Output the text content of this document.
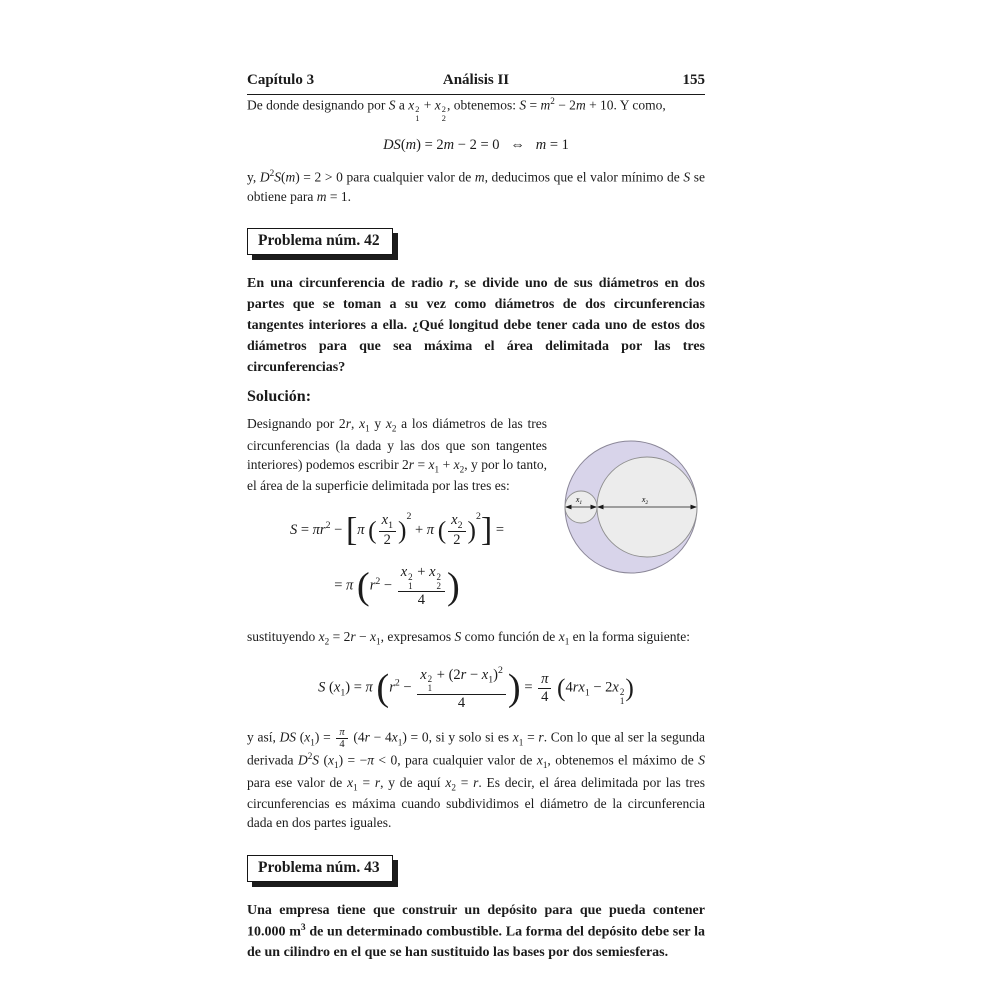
Capítulo 3	Análisis II	155

De donde designando por S a x 2
1
+ x 2
2
, obtenemos: $S = m^2 - 2m + 10$. Y como,

DS(m) = 2m − 2 = 0   ⇔   m = 1

y, $D^2S(m) = 2 > 0$ para cualquier valor de m, deducimos que el valor mínimo de S se obtiene para m = 1.

Problema núm. 42

En una circunferencia de radio r, se divide uno de sus diámetros en dos partes que se toman a su vez como diámetros de dos circunferencias tangentes interiores a ella. ¿Qué longitud debe tener cada uno de estos dos diámetros para que sea máxima el área delimitada por las tres circunferencias?

Solución:

Designando por 2r, $x_1$ y $x_2$ a los diámetros de las tres circunferencias (la dada y las dos que son tangentes interiores) podemos escribir $2r = x_1 + x_2$, y por lo tanto, el área de la superficie delimitada por las tres es:

$S = \pi r^2 - [\pi$ ( $\frac{x_1}{2} )^2 + \pi$ ( $\frac{x_2}{2} )^2$] =
= π ($r^2 - x$ 2
1
+ x 2
2
4 )
$x_1$	$x_2$

sustituyendo $x_2 = 2r - x_1$, expresamos S como función de $x_1$ en la forma siguiente:

S $(x_1) = \pi$ ($r^2 - x$ 2
1
+ $(2r - x_1)^2$
4 ) = $\frac{\pi}{4} (4rx_1 - 2x$ 2
1 )

y así, DS $(x_1) = \frac{\pi}{4} (4r - 4x_1) = 0$, si y solo si es $x_1 = r$. Con lo que al ser la segunda derivada $D^2S$ $(x_1) = -\pi < 0$, para cualquier valor de $x_1$, obtenemos el máximo de S para ese valor de $x_1 = r$, y de aquí $x_2 = r$. Es decir, el área delimitada por las tres circunferencias es máxima cuando subdividimos el diámetro de la circunferencia dada en dos partes iguales.

Problema núm. 43

Una empresa tiene que construir un depósito para que pueda contener 10.000 $m^3$ de un determinado combustible. La forma del depósito debe ser la de un cilindro en el que se han sustituido las bases por dos semiesferas.
